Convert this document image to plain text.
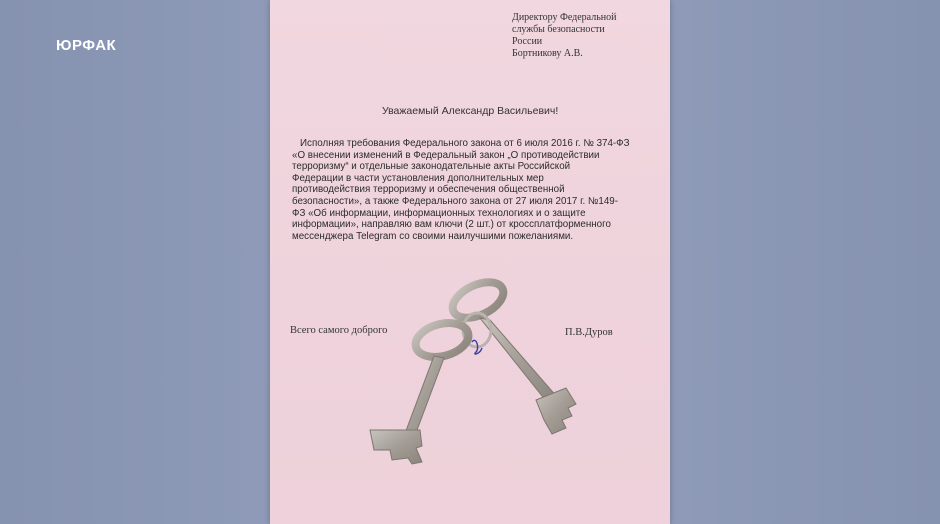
ЮРФАК
Директору Федеральной
службы безопасности
России
Бортникову А.В.
Уважаемый Александр Васильевич!
Исполняя требования Федерального закона от 6 июля 2016 г. № 374-ФЗ
«О внесении изменений в Федеральный закон „О противодействии
терроризму“ и отдельные законодательные акты Российской
Федерации в части установления дополнительных мер
противодействия терроризму и обеспечения общественной
безопасности», а также Федерального закона от 27 июля 2017 г. №149-
ФЗ «Об информации, информационных технологиях и о защите
информации», направляю вам ключи (2 шт.) от кроссплатформенного
мессенджера Telegram со своими наилучшими пожеланиями.
Всего самого доброго	П.В.Дуров
